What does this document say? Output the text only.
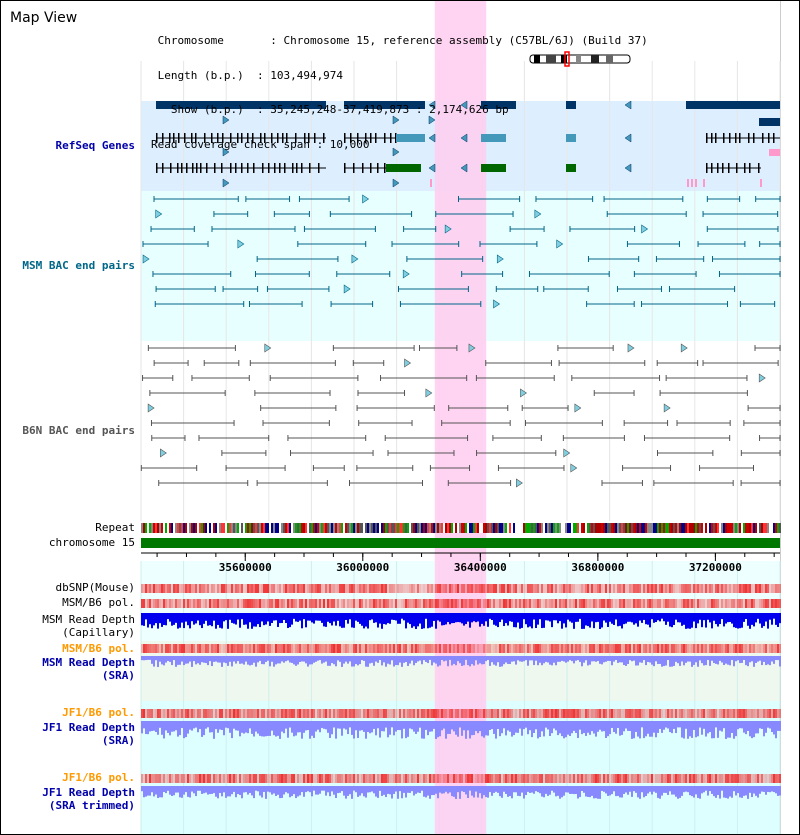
35600000	36000000	36400000	36800000	37200000
Map View

Chromosome       : Chromosome 15, reference assembly (C57BL/6J) (Build 37)

Length (b.p.)  : 103,494,974

Show (b.p.)  : 35,245,248-37,419,873 : 2,174,626 bp

Read coverage check span : 10,000

RefSeq Genes
MSM BAC end pairs
B6N BAC end pairs
Repeat
chromosome 15
dbSNP(Mouse)
MSM/B6 pol.
MSM Read Depth
(Capillary)
MSM/B6 pol.
MSM Read Depth
(SRA)
JF1/B6 pol.
JF1 Read Depth
(SRA)
JF1/B6 pol.
JF1 Read Depth
(SRA trimmed)
